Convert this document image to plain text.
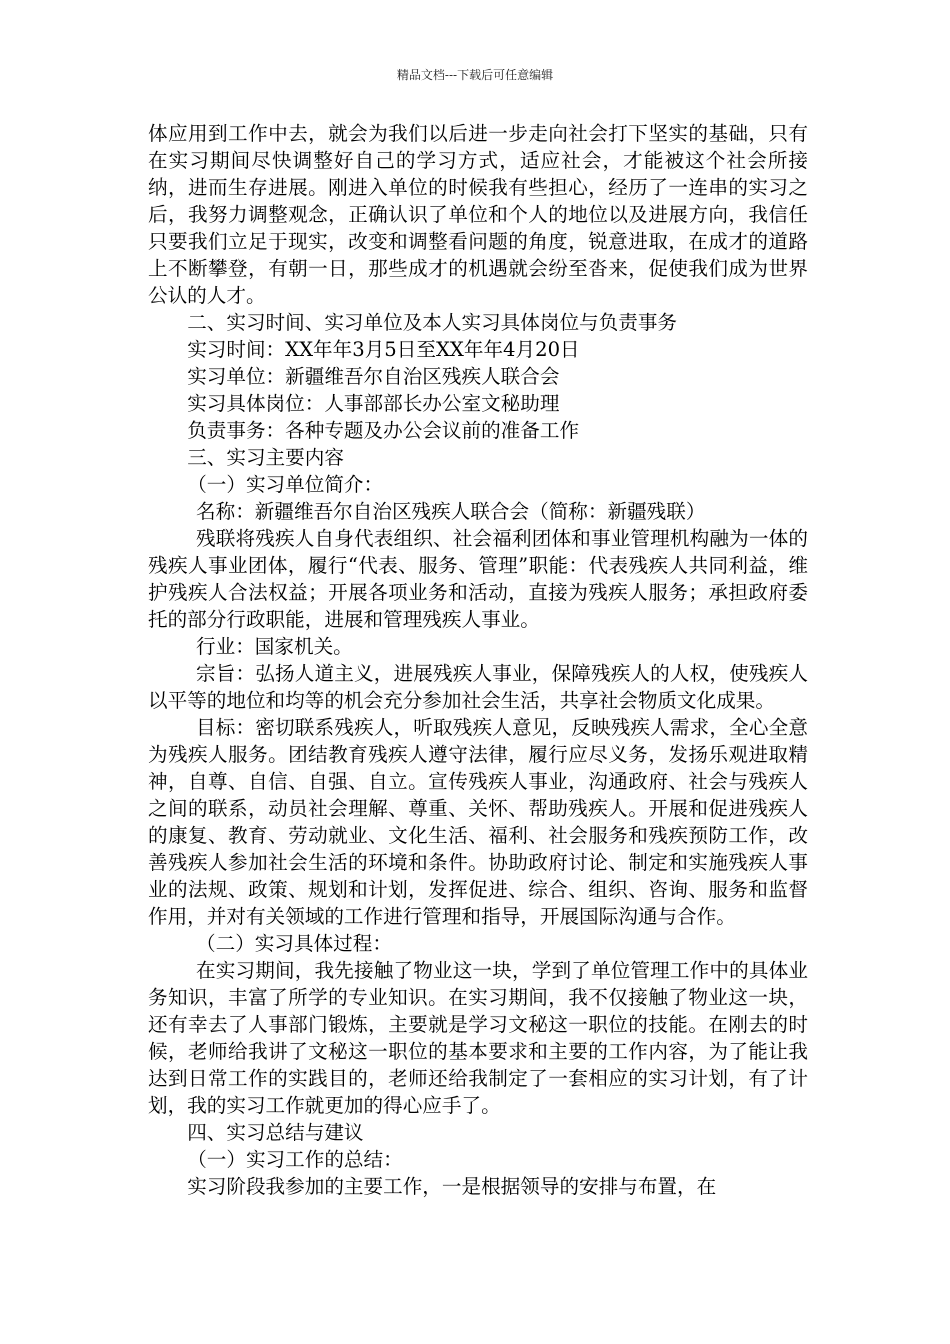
精品文档---下载后可任意编辑

体应用到工作中去，就会为我们以后进一步走向社会打下坚实的基础，只有在实习期间尽快调整好自己的学习方式，适应社会，才能被这个社会所接纳，进而生存进展。刚进入单位的时候我有些担心，经历了一连串的实习之后，我努力调整观念，正确认识了单位和个人的地位以及进展方向，我信任只要我们立足于现实，改变和调整看问题的角度，锐意进取，在成才的道路上不断攀登，有朝一日，那些成才的机遇就会纷至沓来，促使我们成为世界公认的人才。

二、实习时间、实习单位及本人实习具体岗位与负责事务

实习时间：XX年年3月5日至XX年年4月20日

实习单位：新疆维吾尔自治区残疾人联合会

实习具体岗位：人事部部长办公室文秘助理

负责事务：各种专题及办公会议前的准备工作

三、实习主要内容

（一）实习单位简介：

名称：新疆维吾尔自治区残疾人联合会（简称：新疆残联）

残联将残疾人自身代表组织、社会福利团体和事业管理机构融为一体的残疾人事业团体，履行“代表、服务、管理”职能：代表残疾人共同利益，维护残疾人合法权益；开展各项业务和活动，直接为残疾人服务；承担政府委托的部分行政职能，进展和管理残疾人事业。

行业：国家机关。

宗旨：弘扬人道主义，进展残疾人事业，保障残疾人的人权，使残疾人以平等的地位和均等的机会充分参加社会生活，共享社会物质文化成果。

目标：密切联系残疾人，听取残疾人意见，反映残疾人需求，全心全意为残疾人服务。团结教育残疾人遵守法律，履行应尽义务，发扬乐观进取精神，自尊、自信、自强、自立。宣传残疾人事业，沟通政府、社会与残疾人之间的联系，动员社会理解、尊重、关怀、帮助残疾人。开展和促进残疾人的康复、教育、劳动就业、文化生活、福利、社会服务和残疾预防工作，改善残疾人参加社会生活的环境和条件。协助政府讨论、制定和实施残疾人事业的法规、政策、规划和计划，发挥促进、综合、组织、咨询、服务和监督作用，并对有关领域的工作进行管理和指导，开展国际沟通与合作。

（二）实习具体过程：

在实习期间，我先接触了物业这一块，学到了单位管理工作中的具体业务知识，丰富了所学的专业知识。在实习期间，我不仅接触了物业这一块，还有幸去了人事部门锻炼，主要就是学习文秘这一职位的技能。在刚去的时候，老师给我讲了文秘这一职位的基本要求和主要的工作内容，为了能让我达到日常工作的实践目的，老师还给我制定了一套相应的实习计划，有了计划，我的实习工作就更加的得心应手了。

四、实习总结与建议

（一）实习工作的总结：

实习阶段我参加的主要工作，一是根据领导的安排与布置，在
